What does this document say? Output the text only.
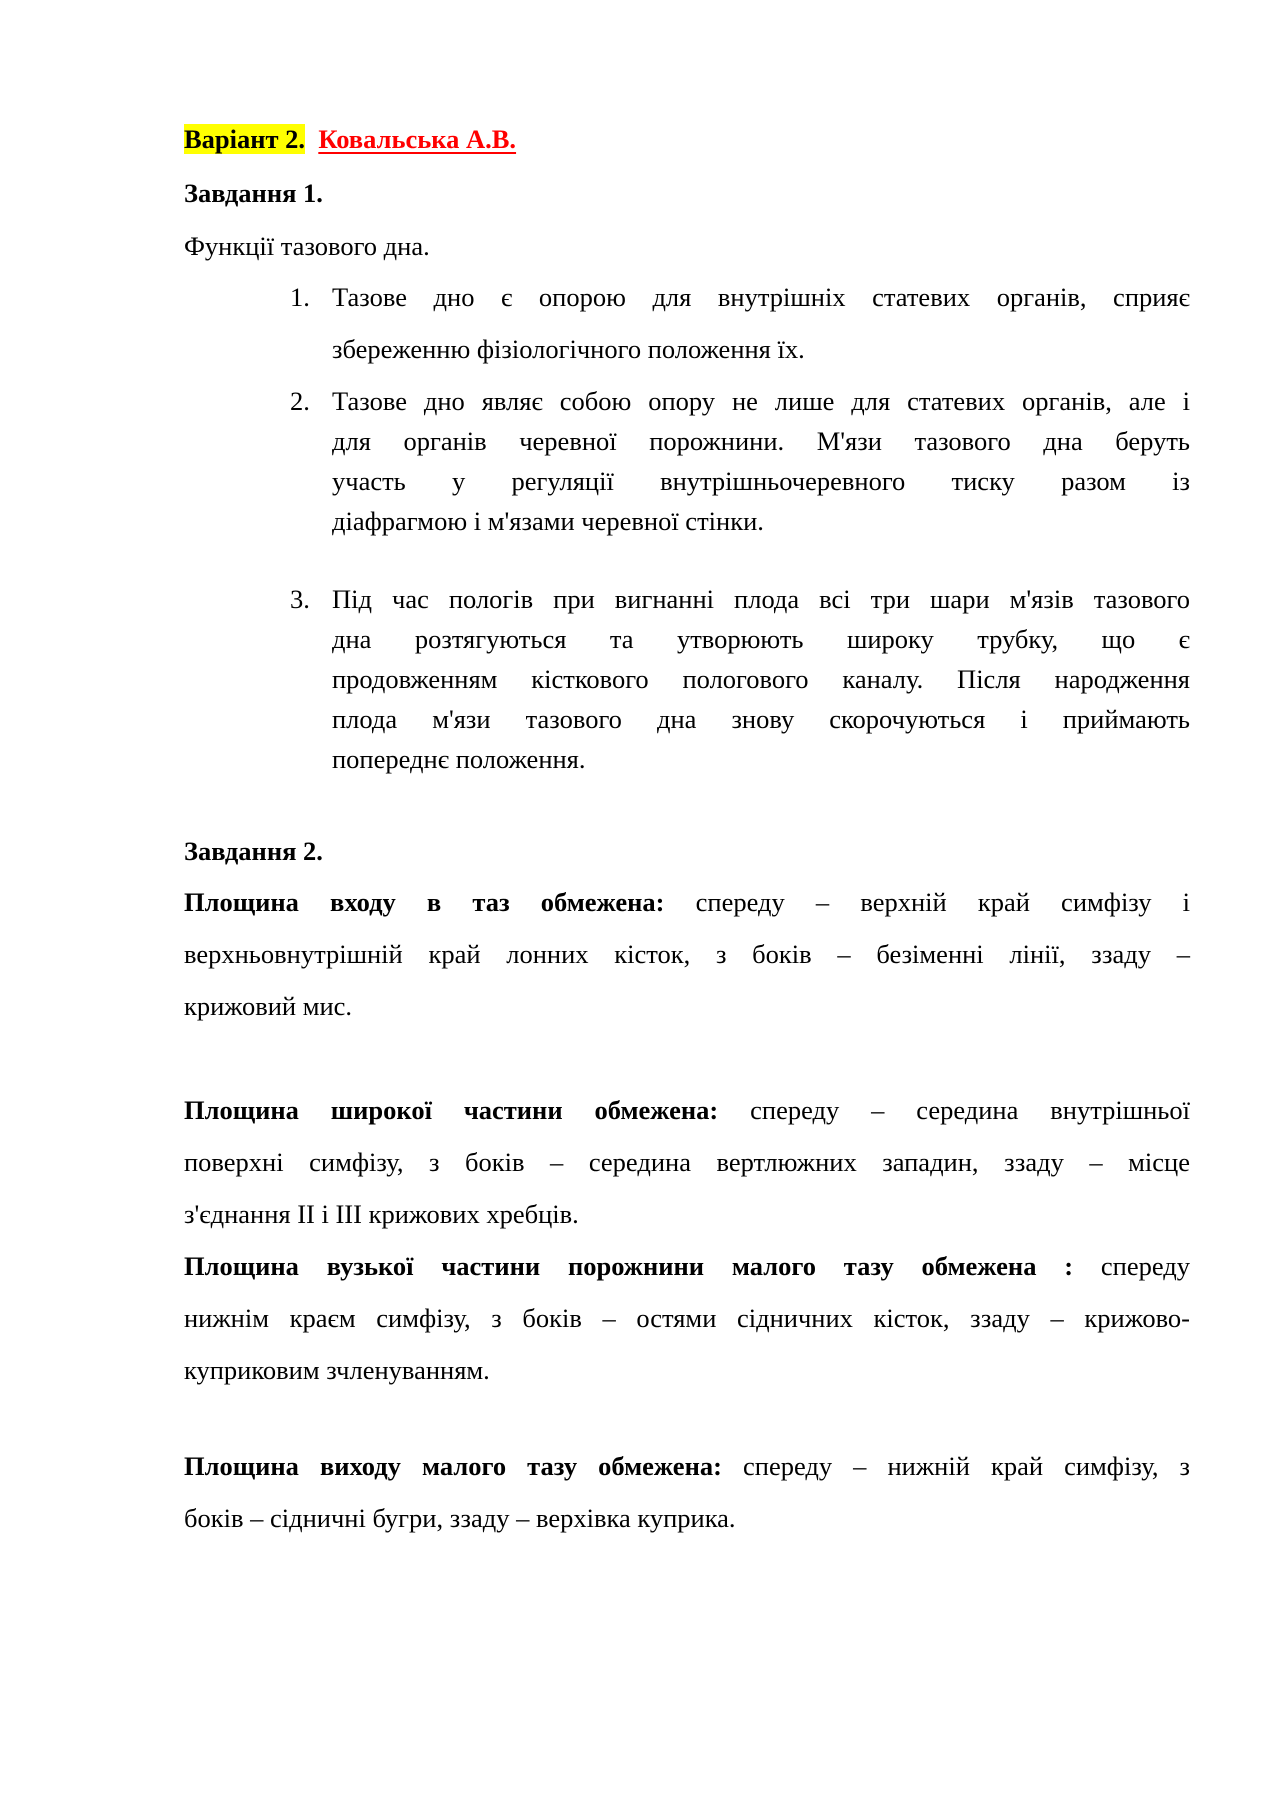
Варіант 2. Ковальська А.В.
Завдання 1.
Функції тазового дна.
1. Тазове дно є опорою для внутрішніх статевих органів, сприяє
збереженню фізіологічного положення їх.
2. Тазове дно являє собою опору не лише для статевих органів, але і
для органів черевної порожнини. М'язи тазового дна беруть
участь у регуляції внутрішньочеревного тиску разом із
діафрагмою і м'язами черевної стінки.
3. Під час пологів при вигнанні плода всі три шари м'язів тазового
дна розтягуються та утворюють широку трубку, що є
продовженням кісткового пологового каналу. Після народження
плода м'язи тазового дна знову скорочуються і приймають
попереднє положення.
Завдання 2.
Площина входу в таз обмежена: спереду – верхній край симфізу і
верхньовнутрішній край лонних кісток, з боків – безіменні лінії, ззаду –
крижовий мис.
Площина широкої частини обмежена: спереду – середина внутрішньої
поверхні симфізу, з боків – середина вертлюжних западин, ззаду – місце
з'єднання II і III крижових хребців.
Площина вузької частини порожнини малого тазу обмежена : спереду
нижнім краєм симфізу, з боків – остями сідничних кісток, ззаду – крижово-
куприковим зчленуванням.
Площина виходу малого тазу обмежена: спереду – нижній край симфізу, з
боків – сідничні бугри, ззаду – верхівка куприка.
